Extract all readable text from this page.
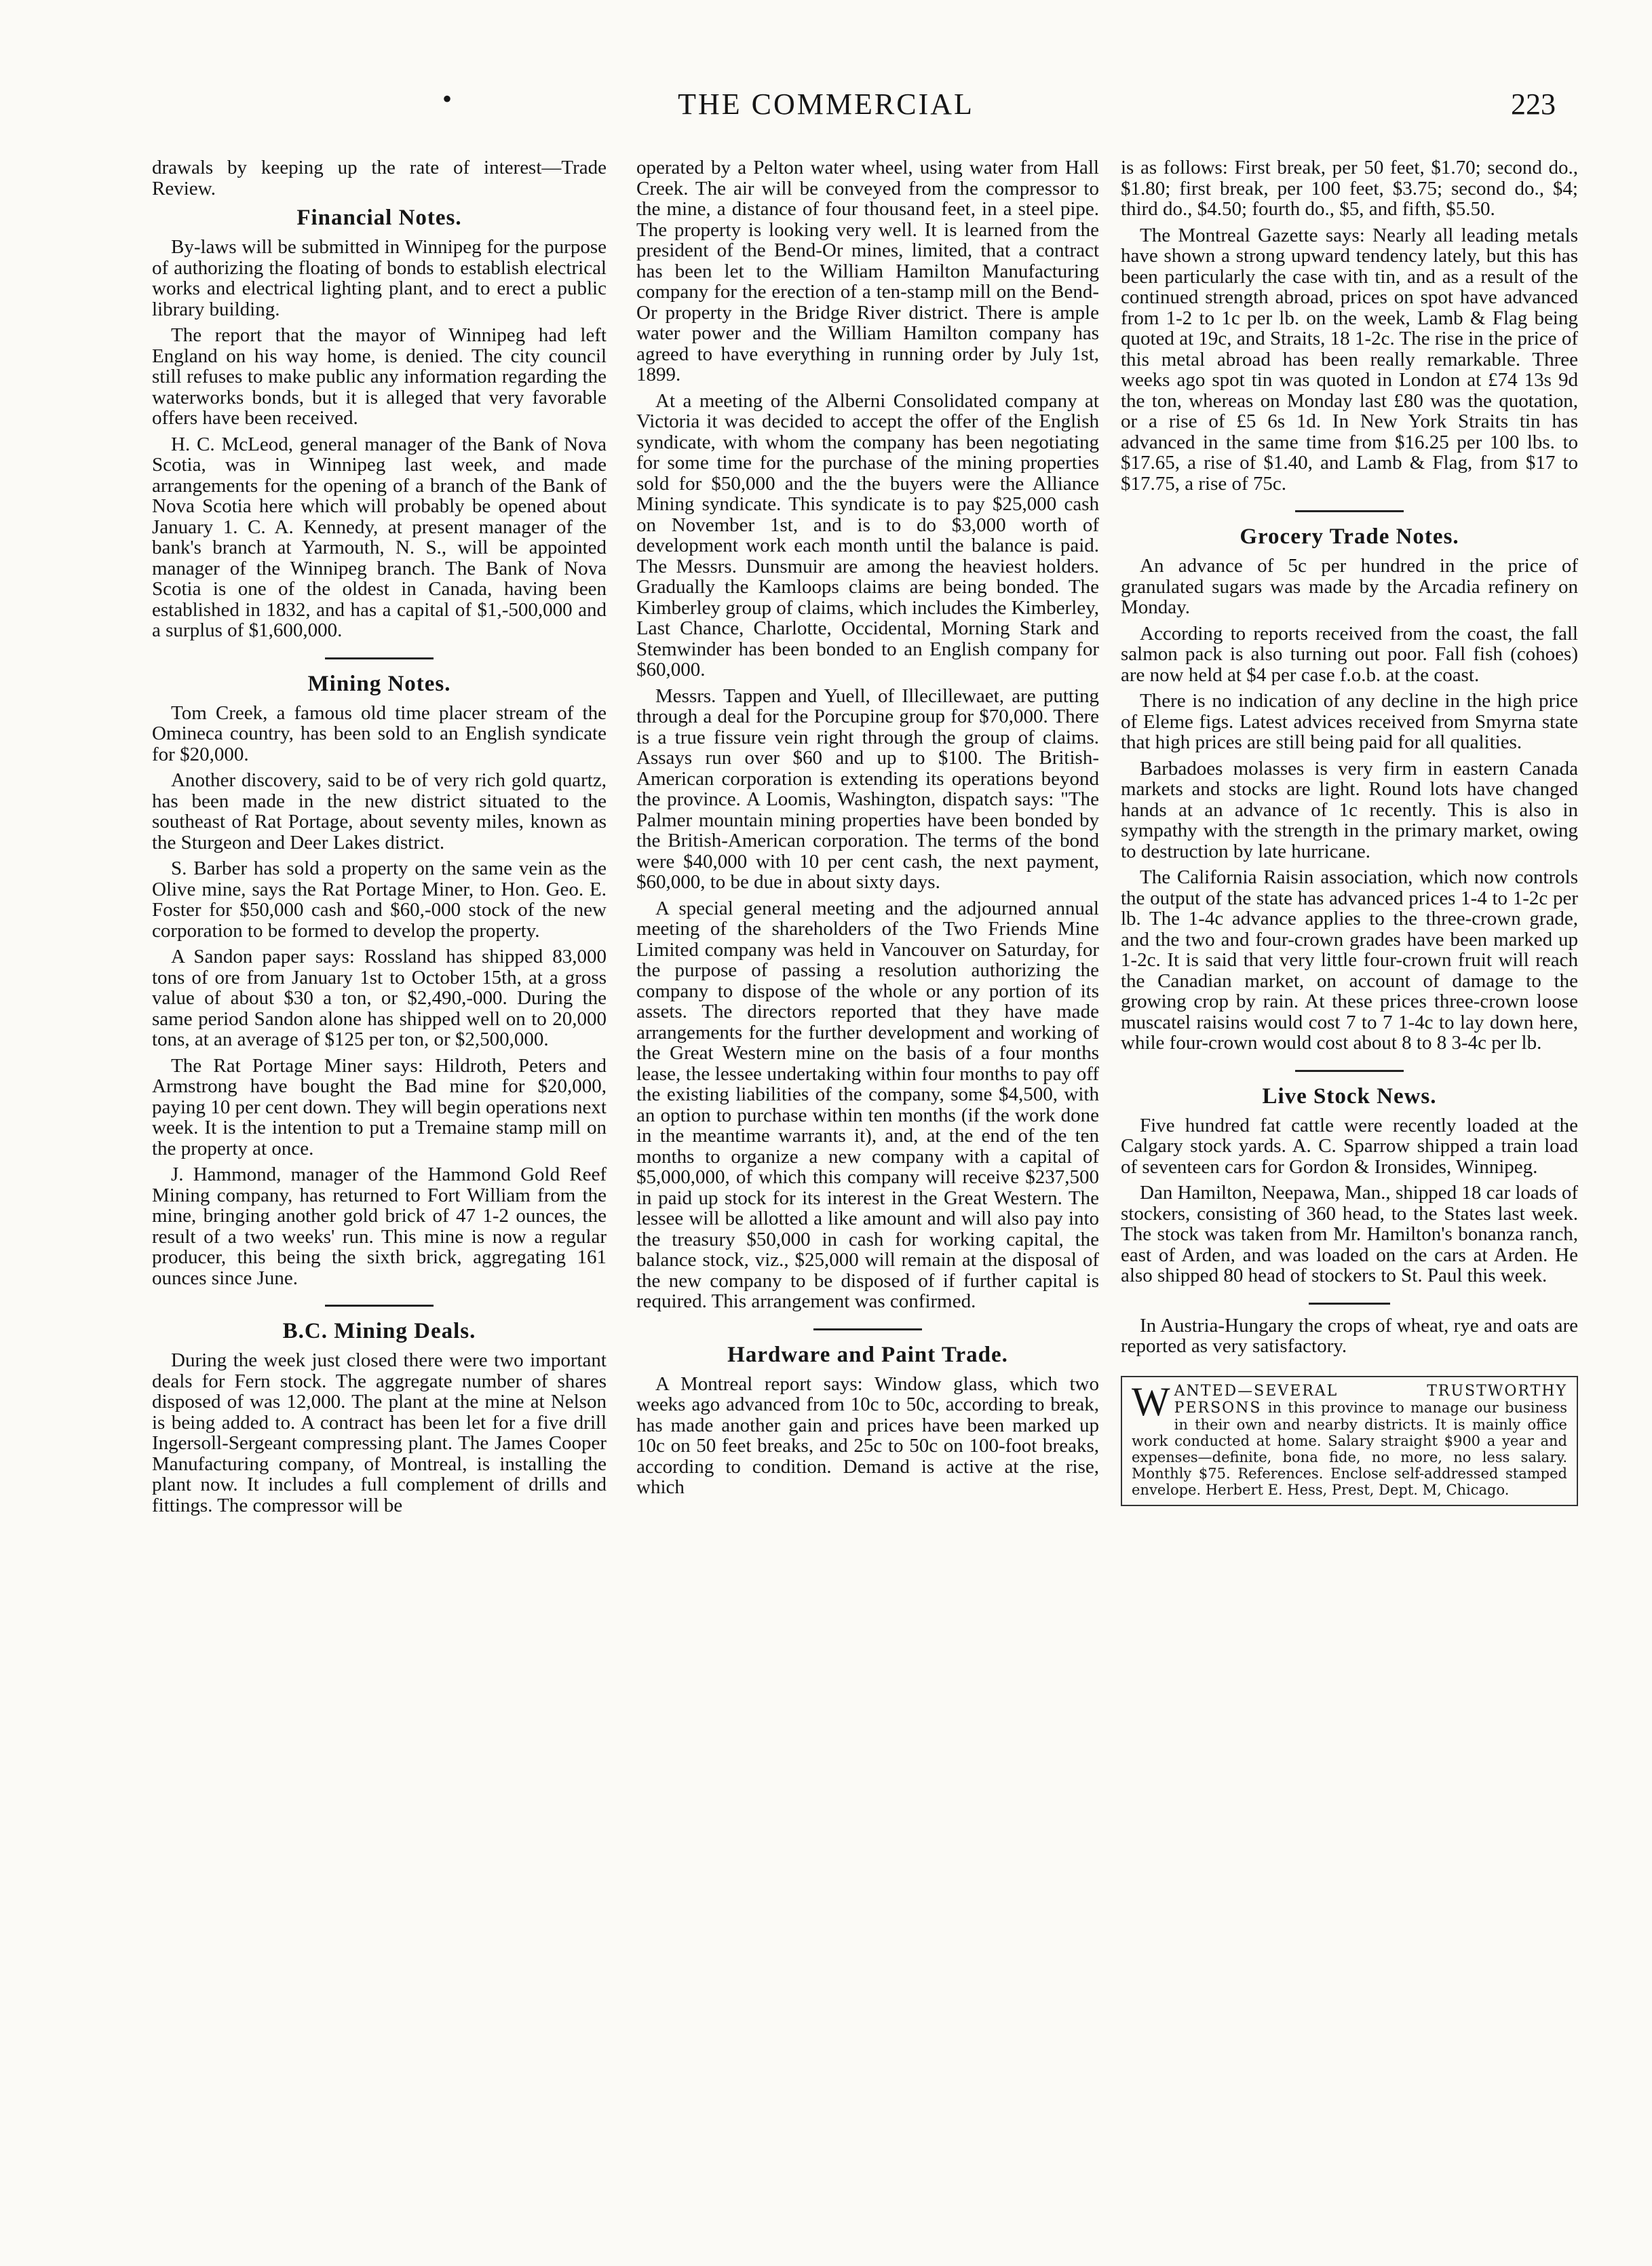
•	THE COMMERCIAL	223

drawals by keeping up the rate of interest—Trade Review.

Financial Notes.

By-laws will be submitted in Winnipeg for the purpose of authorizing the floating of bonds to establish electrical works and electrical lighting plant, and to erect a public library building.

The report that the mayor of Winnipeg had left England on his way home, is denied. The city council still refuses to make public any information regarding the waterworks bonds, but it is alleged that very favorable offers have been received.

H. C. McLeod, general manager of the Bank of Nova Scotia, was in Winnipeg last week, and made arrangements for the opening of a branch of the Bank of Nova Scotia here which will probably be opened about January 1. C. A. Kennedy, at present manager of the bank's branch at Yarmouth, N. S., will be appointed manager of the Winnipeg branch. The Bank of Nova Scotia is one of the oldest in Canada, having been established in 1832, and has a capital of $1,-500,000 and a surplus of $1,600,000.

Mining Notes.

Tom Creek, a famous old time placer stream of the Omineca country, has been sold to an English syndicate for $20,000.

Another discovery, said to be of very rich gold quartz, has been made in the new district situated to the southeast of Rat Portage, about seventy miles, known as the Sturgeon and Deer Lakes district.

S. Barber has sold a property on the same vein as the Olive mine, says the Rat Portage Miner, to Hon. Geo. E. Foster for $50,000 cash and $60,-000 stock of the new corporation to be formed to develop the property.

A Sandon paper says: Rossland has shipped 83,000 tons of ore from January 1st to October 15th, at a gross value of about $30 a ton, or $2,490,-000. During the same period Sandon alone has shipped well on to 20,000 tons, at an average of $125 per ton, or $2,500,000.

The Rat Portage Miner says: Hildroth, Peters and Armstrong have bought the Bad mine for $20,000, paying 10 per cent down. They will begin operations next week. It is the intention to put a Tremaine stamp mill on the property at once.

J. Hammond, manager of the Hammond Gold Reef Mining company, has returned to Fort William from the mine, bringing another gold brick of 47 1-2 ounces, the result of a two weeks' run. This mine is now a regular producer, this being the sixth brick, aggregating 161 ounces since June.

B.C. Mining Deals.

During the week just closed there were two important deals for Fern stock. The aggregate number of shares disposed of was 12,000. The plant at the mine at Nelson is being added to. A contract has been let for a five drill Ingersoll-Sergeant compressing plant. The James Cooper Manufacturing company, of Montreal, is installing the plant now. It includes a full complement of drills and fittings. The compressor will be

operated by a Pelton water wheel, using water from Hall Creek. The air will be conveyed from the compressor to the mine, a distance of four thousand feet, in a steel pipe. The property is looking very well. It is learned from the president of the Bend-Or mines, limited, that a contract has been let to the William Hamilton Manufacturing company for the erection of a ten-stamp mill on the Bend-Or property in the Bridge River district. There is ample water power and the William Hamilton company has agreed to have everything in running order by July 1st, 1899.

At a meeting of the Alberni Consolidated company at Victoria it was decided to accept the offer of the English syndicate, with whom the company has been negotiating for some time for the purchase of the mining properties sold for $50,000 and the the buyers were the Alliance Mining syndicate. This syndicate is to pay $25,000 cash on November 1st, and is to do $3,000 worth of development work each month until the balance is paid. The Messrs. Dunsmuir are among the heaviest holders. Gradually the Kamloops claims are being bonded. The Kimberley group of claims, which includes the Kimberley, Last Chance, Charlotte, Occidental, Morning Stark and Stemwinder has been bonded to an English company for $60,000.

Messrs. Tappen and Yuell, of Illecillewaet, are putting through a deal for the Porcupine group for $70,000. There is a true fissure vein right through the group of claims. Assays run over $60 and up to $100. The British-American corporation is extending its operations beyond the province. A Loomis, Washington, dispatch says: "The Palmer mountain mining properties have been bonded by the British-American corporation. The terms of the bond were $40,000 with 10 per cent cash, the next payment, $60,000, to be due in about sixty days.

A special general meeting and the adjourned annual meeting of the shareholders of the Two Friends Mine Limited company was held in Vancouver on Saturday, for the purpose of passing a resolution authorizing the company to dispose of the whole or any portion of its assets. The directors reported that they have made arrangements for the further development and working of the Great Western mine on the basis of a four months lease, the lessee undertaking within four months to pay off the existing liabilities of the company, some $4,500, with an option to purchase within ten months (if the work done in the meantime warrants it), and, at the end of the ten months to organize a new company with a capital of $5,000,000, of which this company will receive $237,500 in paid up stock for its interest in the Great Western. The lessee will be allotted a like amount and will also pay into the treasury $50,000 in cash for working capital, the balance stock, viz., $25,000 will remain at the disposal of the new company to be disposed of if further capital is required. This arrangement was confirmed.

Hardware and Paint Trade.

A Montreal report says: Window glass, which two weeks ago advanced from 10c to 50c, according to break, has made another gain and prices have been marked up 10c on 50 feet breaks, and 25c to 50c on 100-foot breaks, according to condition. Demand is active at the rise, which

is as follows: First break, per 50 feet, $1.70; second do., $1.80; first break, per 100 feet, $3.75; second do., $4; third do., $4.50; fourth do., $5, and fifth, $5.50.

The Montreal Gazette says: Nearly all leading metals have shown a strong upward tendency lately, but this has been particularly the case with tin, and as a result of the continued strength abroad, prices on spot have advanced from 1-2 to 1c per lb. on the week, Lamb & Flag being quoted at 19c, and Straits, 18 1-2c. The rise in the price of this metal abroad has been really remarkable. Three weeks ago spot tin was quoted in London at £74 13s 9d the ton, whereas on Monday last £80 was the quotation, or a rise of £5 6s 1d. In New York Straits tin has advanced in the same time from $16.25 per 100 lbs. to $17.65, a rise of $1.40, and Lamb & Flag, from $17 to $17.75, a rise of 75c.

Grocery Trade Notes.

An advance of 5c per hundred in the price of granulated sugars was made by the Arcadia refinery on Monday.

According to reports received from the coast, the fall salmon pack is also turning out poor. Fall fish (cohoes) are now held at $4 per case f.o.b. at the coast.

There is no indication of any decline in the high price of Eleme figs. Latest advices received from Smyrna state that high prices are still being paid for all qualities.

Barbadoes molasses is very firm in eastern Canada markets and stocks are light. Round lots have changed hands at an advance of 1c recently. This is also in sympathy with the strength in the primary market, owing to destruction by late hurricane.

The California Raisin association, which now controls the output of the state has advanced prices 1-4 to 1-2c per lb. The 1-4c advance applies to the three-crown grade, and the two and four-crown grades have been marked up 1-2c. It is said that very little four-crown fruit will reach the Canadian market, on account of damage to the growing crop by rain. At these prices three-crown loose muscatel raisins would cost 7 to 7 1-4c to lay down here, while four-crown would cost about 8 to 8 3-4c per lb.

Live Stock News.

Five hundred fat cattle were recently loaded at the Calgary stock yards. A. C. Sparrow shipped a train load of seventeen cars for Gordon & Ironsides, Winnipeg.

Dan Hamilton, Neepawa, Man., shipped 18 car loads of stockers, consisting of 360 head, to the States last week. The stock was taken from Mr. Hamilton's bonanza ranch, east of Arden, and was loaded on the cars at Arden. He also shipped 80 head of stockers to St. Paul this week.

In Austria-Hungary the crops of wheat, rye and oats are reported as very satisfactory.

W ANTED—SEVERAL TRUSTWORTHY PERSONS in this province to manage our business in their own and nearby districts. It is mainly office work conducted at home. Salary straight $900 a year and expenses—definite, bona fide, no more, no less salary. Monthly $75. References. Enclose self-addressed stamped envelope. Herbert E. Hess, Prest, Dept. M, Chicago.
